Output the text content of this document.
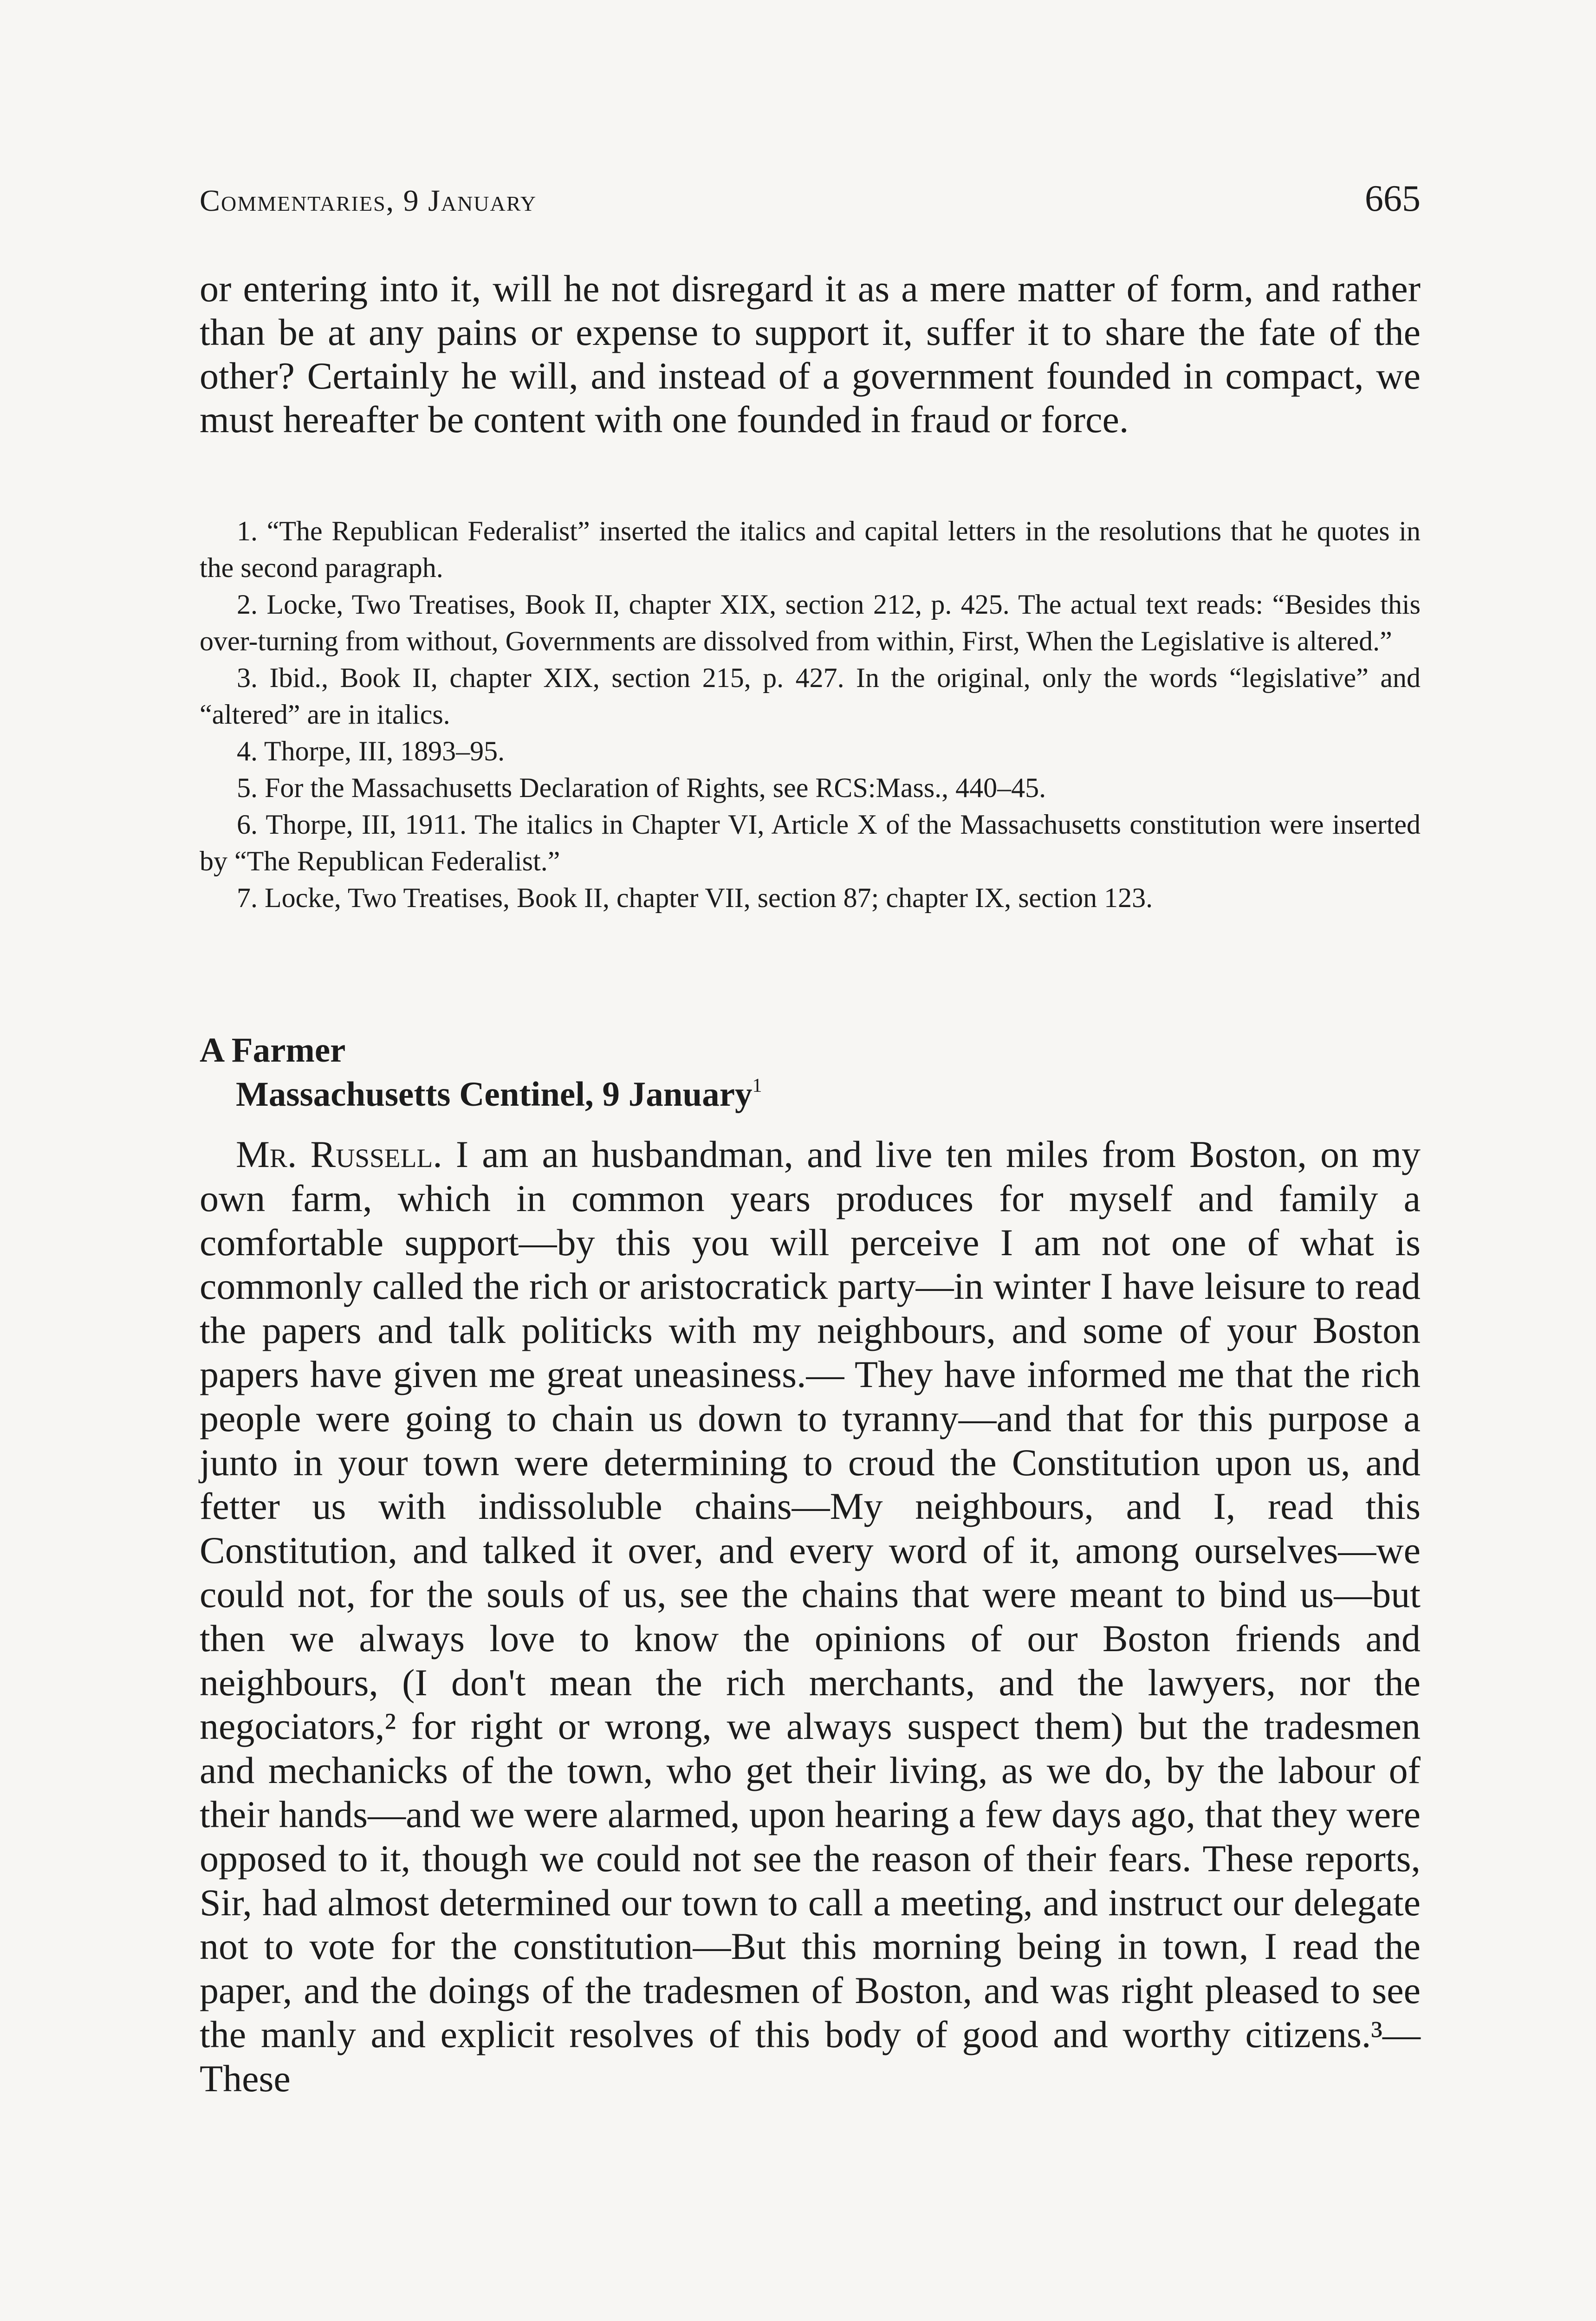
Commentaries, 9 January	665

or entering into it, will he not disregard it as a mere matter of form, and rather than be at any pains or expense to support it, suffer it to share the fate of the other? Certainly he will, and instead of a government founded in compact, we must hereafter be content with one founded in fraud or force.

1. “The Republican Federalist” inserted the italics and capital letters in the resolutions that he quotes in the second paragraph.
2. Locke, Two Treatises, Book II, chapter XIX, section 212, p. 425. The actual text reads: “Besides this over-turning from without, Governments are dissolved from within, First, When the Legislative is altered.”
3. Ibid., Book II, chapter XIX, section 215, p. 427. In the original, only the words “legislative” and “altered” are in italics.
4. Thorpe, III, 1893–95.
5. For the Massachusetts Declaration of Rights, see RCS:Mass., 440–45.
6. Thorpe, III, 1911. The italics in Chapter VI, Article X of the Massachusetts constitution were inserted by “The Republican Federalist.”
7. Locke, Two Treatises, Book II, chapter VII, section 87; chapter IX, section 123.
A Farmer
Massachusetts Centinel, 9 January$^1$

Mr. Russell. I am an husbandman, and live ten miles from Boston, on my own farm, which in common years produces for myself and family a comfortable support—by this you will perceive I am not one of what is commonly called the rich or aristocratick party—in winter I have leisure to read the papers and talk politicks with my neighbours, and some of your Boston papers have given me great uneasiness.— They have informed me that the rich people were going to chain us down to tyranny—and that for this purpose a junto in your town were determining to croud the Constitution upon us, and fetter us with indissoluble chains—My neighbours, and I, read this Constitution, and talked it over, and every word of it, among ourselves—we could not, for the souls of us, see the chains that were meant to bind us—but then we always love to know the opinions of our Boston friends and neighbours, (I don't mean the rich merchants, and the lawyers, nor the negociators,² for right or wrong, we always suspect them) but the tradesmen and mechanicks of the town, who get their living, as we do, by the labour of their hands—and we were alarmed, upon hearing a few days ago, that they were opposed to it, though we could not see the reason of their fears. These reports, Sir, had almost determined our town to call a meeting, and instruct our delegate not to vote for the constitution—But this morning being in town, I read the paper, and the doings of the tradesmen of Boston, and was right pleased to see the manly and explicit resolves of this body of good and worthy citizens.³—These
